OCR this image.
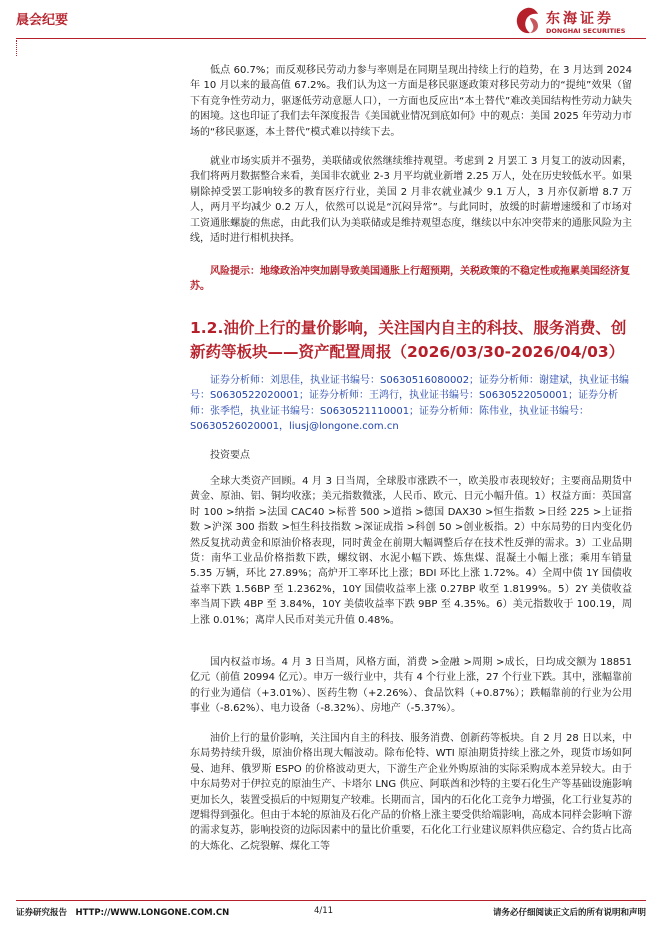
晨会纪要	东海证券
DONGHAI SECURITIES

低点 60.7%；而反观移民劳动力参与率则是在同期呈现出持续上行的趋势，在 3 月达到 2024 年 10 月以来的最高值 67.2%。我们认为这一方面是移民驱逐政策对移民劳动力的“提纯”效果（留下有竞争性劳动力，驱逐低劳动意愿人口），一方面也反应出“本土替代”难改美国结构性劳动力缺失的困境。这也印证了我们去年深度报告《美国就业情况到底如何》中的观点：美国 2025 年劳动力市场的“移民驱逐，本土替代”模式难以持续下去。

就业市场实质并不强势，美联储或依然继续维持观望。考虑到 2 月罢工 3 月复工的波动因素，我们将两月数据整合来看，美国非农就业 2-3 月平均就业新增 2.25 万人，处在历史较低水平。如果剔除掉受罢工影响较多的教育医疗行业，美国 2 月非农就业减少 9.1 万人，3 月亦仅新增 8.7 万人，两月平均减少 0.2 万人，依然可以说是“沉闷异常”。与此同时，放缓的时薪增速缓和了市场对工资通胀螺旋的焦虑，由此我们认为美联储或是维持观望态度，继续以中东冲突带来的通胀风险为主线，适时进行相机抉择。

风险提示：地缘政治冲突加剧导致美国通胀上行超预期，关税政策的不稳定性或拖累美国经济复苏。

1.2.油价上行的量价影响，关注国内自主的科技、服务消费、创新药等板块——资产配置周报（2026/03/30-2026/04/03）

证券分析师：刘思佳，执业证书编号：S0630516080002；证券分析师：谢建斌，执业证书编号：S0630522020001；证券分析师：王鸿行，执业证书编号：S0630522050001；证券分析师：张季恺，执业证书编号：S0630521110001；证券分析师：陈伟业，执业证书编号：S0630526020001，liusj@longone.com.cn

投资要点

全球大类资产回顾。4 月 3 日当周，全球股市涨跌不一，欧美股市表现较好；主要商品期货中黄金、原油、铝、铜均收涨；美元指数微涨，人民币、欧元、日元小幅升值。1）权益方面：英国富时 100 >纳指 >法国 CAC40 >标普 500 >道指 >德国 DAX30 >恒生指数 >日经 225 >上证指数 >沪深 300 指数 >恒生科技指数 >深证成指 >科创 50 >创业板指。2）中东局势的日内变化仍然反复扰动黄金和原油价格表现，同时黄金在前期大幅调整后存在技术性反弹的需求。3）工业品期货：南华工业品价格指数下跌，螺纹钢、水泥小幅下跌、炼焦煤、混凝土小幅上涨；乘用车销量 5.35 万辆，环比 27.89%；高炉开工率环比上涨；BDI 环比上涨 1.72%。4）全周中债 1Y 国债收益率下跌 1.56BP 至 1.2362%，10Y 国债收益率上涨 0.27BP 收至 1.8199%。5）2Y 美债收益率当周下跌 4BP 至 3.84%，10Y 美债收益率下跌 9BP 至 4.35%。6）美元指数收于 100.19，周上涨 0.01%；离岸人民币对美元升值 0.48%。

国内权益市场。4 月 3 日当周，风格方面，消费 >金融 >周期 >成长，日均成交额为 18851 亿元（前值 20994 亿元）。申万一级行业中，共有 4 个行业上涨，27 个行业下跌。其中，涨幅靠前的行业为通信（+3.01%）、医药生物（+2.26%）、食品饮料（+0.87%）；跌幅靠前的行业为公用事业（-8.62%）、电力设备（-8.32%）、房地产（-5.37%）。

油价上行的量价影响，关注国内自主的科技、服务消费、创新药等板块。自 2 月 28 日以来，中东局势持续升级，原油价格出现大幅波动。除布伦特、WTI 原油期货持续上涨之外，现货市场如阿曼、迪拜、俄罗斯 ESPO 的价格波动更大，下游生产企业外购原油的实际采购成本差异较大。由于中东局势对于伊拉克的原油生产、卡塔尔 LNG 供应、阿联酋和沙特的主要石化生产等基础设施影响更加长久，装置受损后的中短期复产较难。长期而言，国内的石化化工竞争力增强，化工行业复苏的逻辑得到强化。但由于本轮的原油及石化产品的价格上涨主要受供给端影响，高成本同样会影响下游的需求复苏，影响投资的边际因素中的量比价重要，石化化工行业建议原料供应稳定、合约货占比高的大炼化、乙烷裂解、煤化工等

证券研究报告　HTTP://WWW.LONGONE.COM.CN	4/11	请务必仔细阅读正文后的所有说明和声明
